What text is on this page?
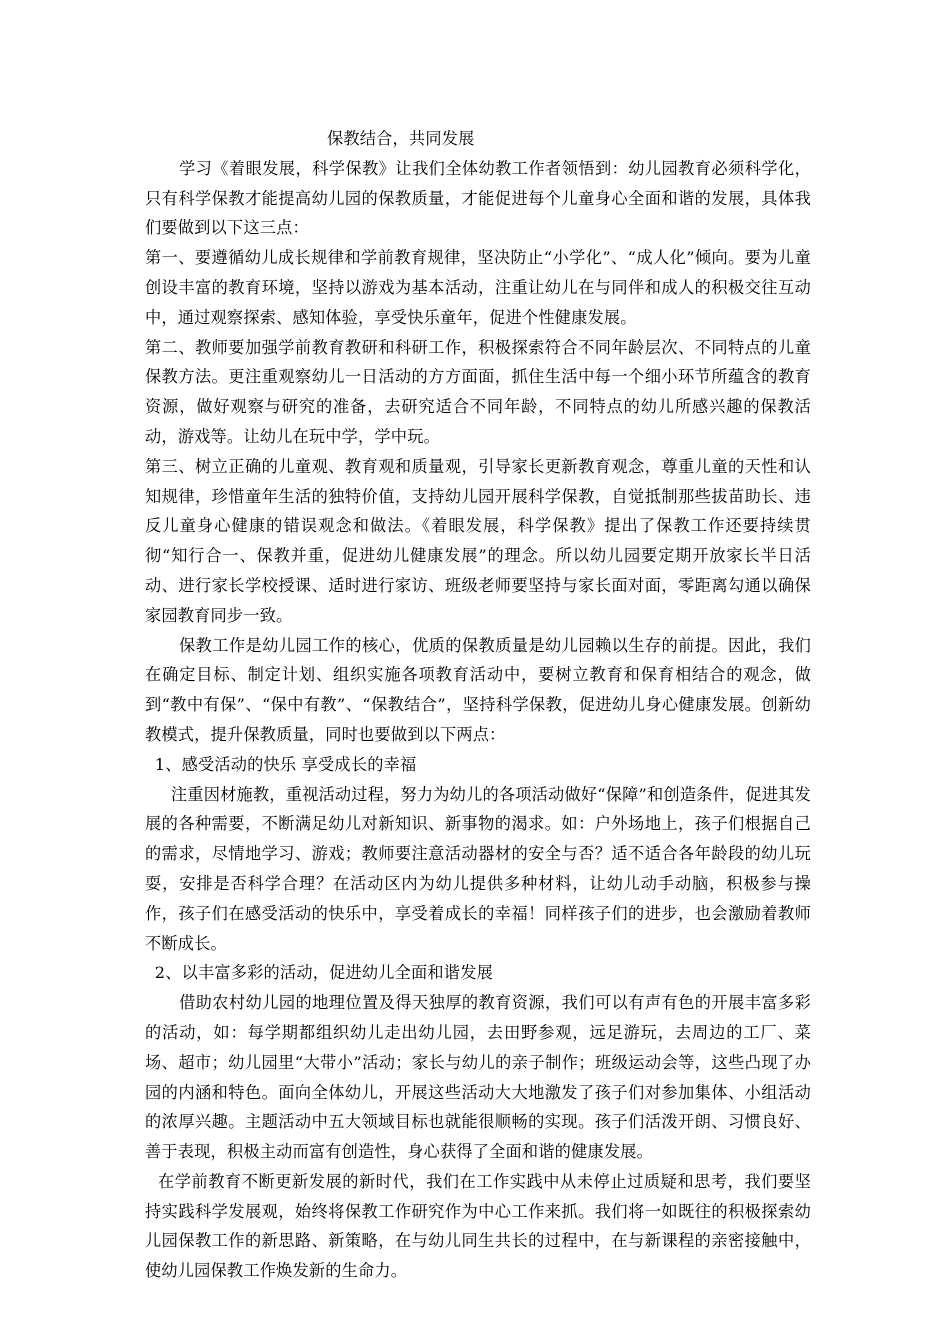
保教结合，共同发展

学习《着眼发展，科学保教》让我们全体幼教工作者领悟到：幼儿园教育必须科学化，只有科学保教才能提高幼儿园的保教质量，才能促进每个儿童身心全面和谐的发展，具体我们要做到以下这三点：

第一、要遵循幼儿成长规律和学前教育规律，坚决防止“小学化”、“成人化”倾向。要为儿童创设丰富的教育环境，坚持以游戏为基本活动，注重让幼儿在与同伴和成人的积极交往互动中，通过观察探索、感知体验，享受快乐童年，促进个性健康发展。

第二、教师要加强学前教育教研和科研工作，积极探索符合不同年龄层次、不同特点的儿童保教方法。更注重观察幼儿一日活动的方方面面，抓住生活中每一个细小环节所蕴含的教育资源，做好观察与研究的准备，去研究适合不同年龄，不同特点的幼儿所感兴趣的保教活动，游戏等。让幼儿在玩中学，学中玩。

第三、树立正确的儿童观、教育观和质量观，引导家长更新教育观念，尊重儿童的天性和认知规律，珍惜童年生活的独特价值，支持幼儿园开展科学保教，自觉抵制那些拔苗助长、违反儿童身心健康的错误观念和做法。《着眼发展，科学保教》提出了保教工作还要持续贯彻“知行合一、保教并重，促进幼儿健康发展”的理念。所以幼儿园要定期开放家长半日活动、进行家长学校授课、适时进行家访、班级老师要坚持与家长面对面，零距离勾通以确保家园教育同步一致。

保教工作是幼儿园工作的核心，优质的保教质量是幼儿园赖以生存的前提。因此，我们在确定目标、制定计划、组织实施各项教育活动中，要树立教育和保育相结合的观念，做到“教中有保”、“保中有教”、“保教结合”，坚持科学保教，促进幼儿身心健康发展。创新幼教模式，提升保教质量，同时也要做到以下两点：

1、感受活动的快乐 享受成长的幸福

注重因材施教，重视活动过程，努力为幼儿的各项活动做好“保障”和创造条件，促进其发展的各种需要，不断满足幼儿对新知识、新事物的渴求。如：户外场地上，孩子们根据自己的需求，尽情地学习、游戏；教师要注意活动器材的安全与否？适不适合各年龄段的幼儿玩耍，安排是否科学合理？在活动区内为幼儿提供多种材料，让幼儿动手动脑，积极参与操作，孩子们在感受活动的快乐中，享受着成长的幸福！同样孩子们的进步，也会激励着教师不断成长。

2、以丰富多彩的活动，促进幼儿全面和谐发展

借助农村幼儿园的地理位置及得天独厚的教育资源，我们可以有声有色的开展丰富多彩的活动，如：每学期都组织幼儿走出幼儿园，去田野参观，远足游玩，去周边的工厂、菜场、超市；幼儿园里“大带小”活动；家长与幼儿的亲子制作；班级运动会等，这些凸现了办园的内涵和特色。面向全体幼儿，开展这些活动大大地激发了孩子们对参加集体、小组活动的浓厚兴趣。主题活动中五大领域目标也就能很顺畅的实现。孩子们活泼开朗、习惯良好、善于表现，积极主动而富有创造性，身心获得了全面和谐的健康发展。

在学前教育不断更新发展的新时代，我们在工作实践中从未停止过质疑和思考，我们要坚持实践科学发展观，始终将保教工作研究作为中心工作来抓。我们将一如既往的积极探索幼儿园保教工作的新思路、新策略，在与幼儿同生共长的过程中，在与新课程的亲密接触中，使幼儿园保教工作焕发新的生命力。
